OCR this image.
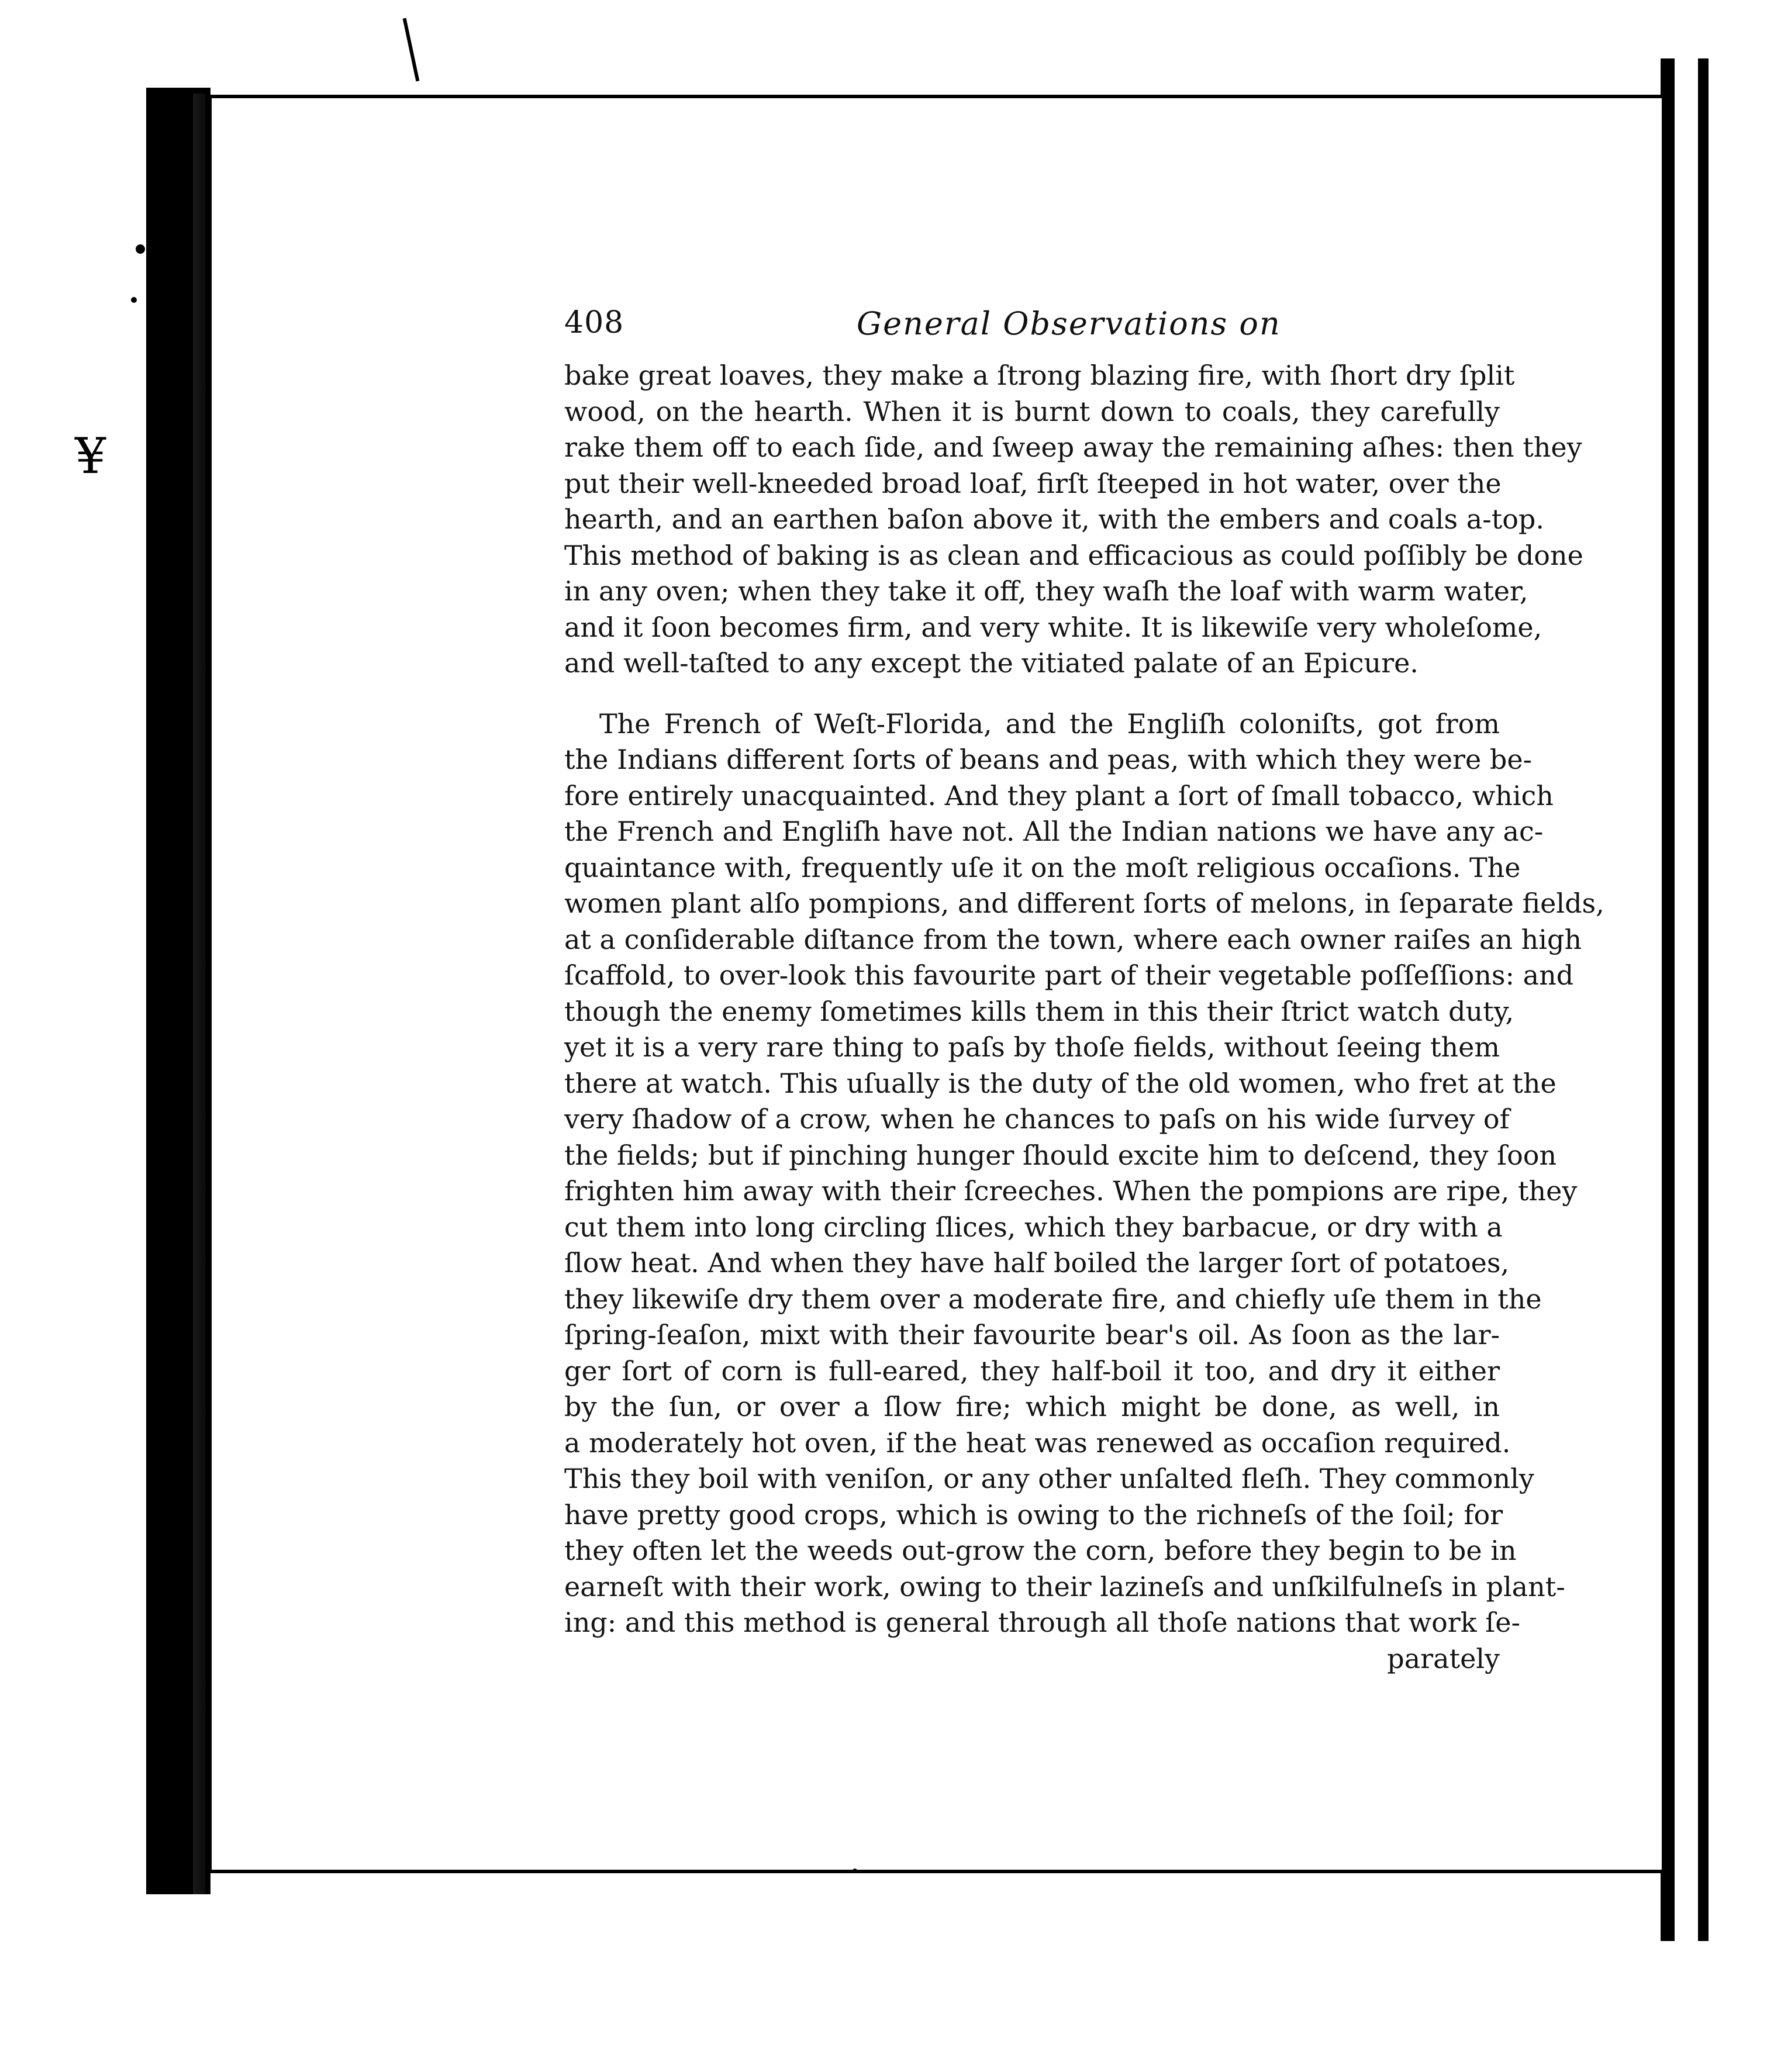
¥
408	General Observations on
bake great loaves, they make a ſtrong blazing fire, with ſhort dry ſplit
wood, on the hearth. When it is burnt down to coals, they carefully
rake them off to each ſide, and ſweep away the remaining aſhes: then they
put their well-kneeded broad loaf, firſt ſteeped in hot water, over the
hearth, and an earthen baſon above it, with the embers and coals a-top.
This method of baking is as clean and efficacious as could poſſibly be done
in any oven; when they take it off, they waſh the loaf with warm water,
and it ſoon becomes firm, and very white. It is likewiſe very wholeſome,
and well-taſted to any except the vitiated palate of an Epicure.
The French of Weſt-Florida, and the Engliſh coloniſts, got from
the Indians different ſorts of beans and peas, with which they were be-
fore entirely unacquainted. And they plant a ſort of ſmall tobacco, which
the French and Engliſh have not. All the Indian nations we have any ac-
quaintance with, frequently uſe it on the moſt religious occaſions. The
women plant alſo pompions, and different ſorts of melons, in ſeparate fields,
at a conſiderable diſtance from the town, where each owner raiſes an high
ſcaffold, to over-look this favourite part of their vegetable poſſeſſions: and
though the enemy ſometimes kills them in this their ſtrict watch duty,
yet it is a very rare thing to paſs by thoſe fields, without ſeeing them
there at watch. This uſually is the duty of the old women, who fret at the
very ſhadow of a crow, when he chances to paſs on his wide ſurvey of
the fields; but if pinching hunger ſhould excite him to deſcend, they ſoon
frighten him away with their ſcreeches. When the pompions are ripe, they
cut them into long circling ſlices, which they barbacue, or dry with a
ſlow heat. And when they have half boiled the larger ſort of potatoes,
they likewiſe dry them over a moderate fire, and chiefly uſe them in the
ſpring-ſeaſon, mixt with their favourite bear's oil. As ſoon as the lar-
ger ſort of corn is full-eared, they half-boil it too, and dry it either
by the ſun, or over a ſlow fire; which might be done, as well, in
a moderately hot oven, if the heat was renewed as occaſion required.
This they boil with veniſon, or any other unſalted fleſh. They commonly
have pretty good crops, which is owing to the richneſs of the ſoil; for
they often let the weeds out-grow the corn, before they begin to be in
earneſt with their work, owing to their lazineſs and unſkilfulneſs in plant-
ing: and this method is general through all thoſe nations that work ſe-
parately
